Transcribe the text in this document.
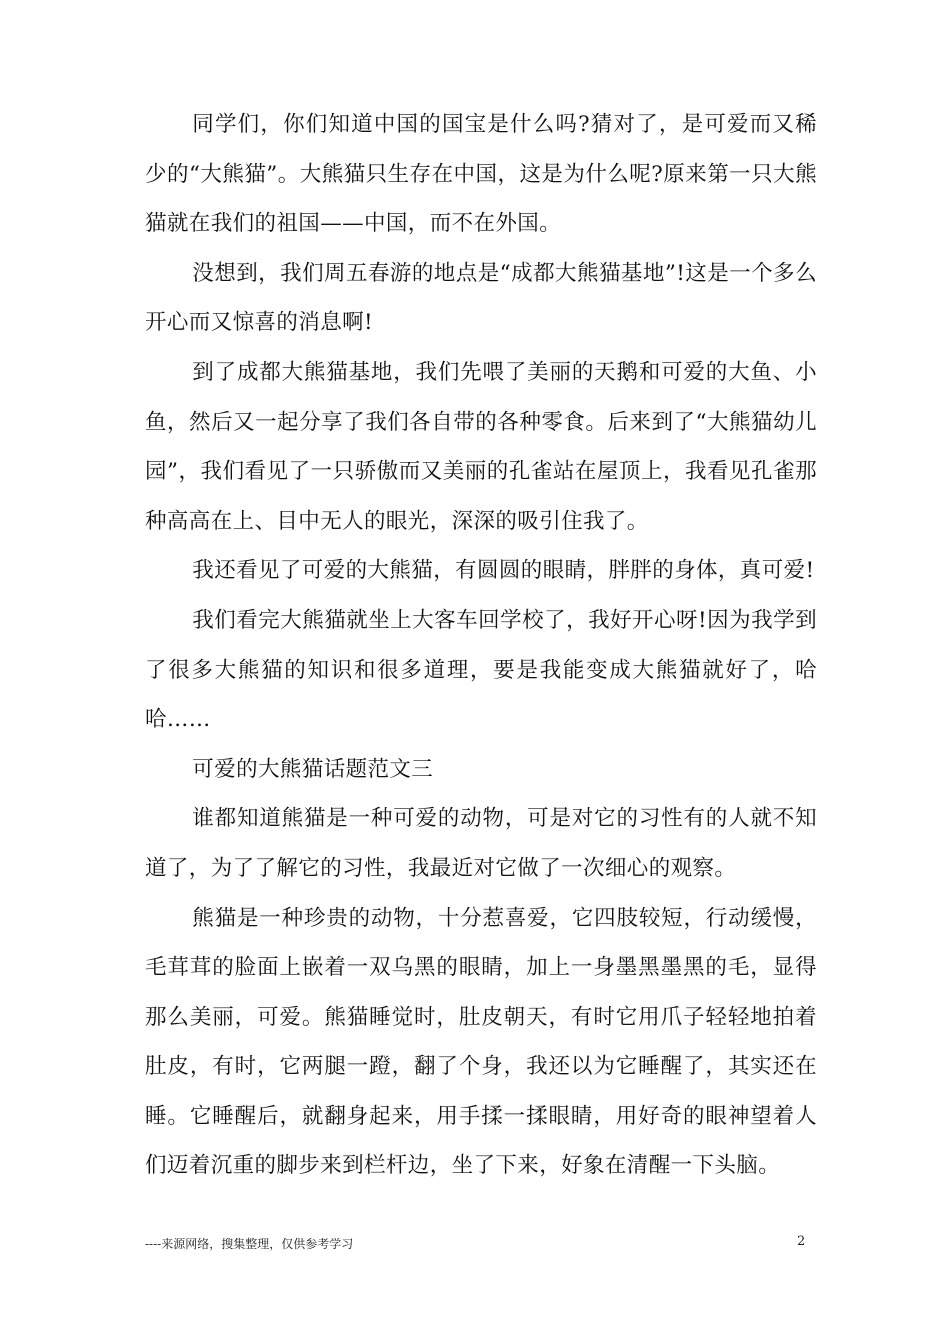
同学们，你们知道中国的国宝是什么吗?猜对了，是可爱而又稀少的“大熊猫”。大熊猫只生存在中国，这是为什么呢?原来第一只大熊猫就在我们的祖国——中国，而不在外国。

没想到，我们周五春游的地点是“成都大熊猫基地”!这是一个多么开心而又惊喜的消息啊!

到了成都大熊猫基地，我们先喂了美丽的天鹅和可爱的大鱼、小鱼，然后又一起分享了我们各自带的各种零食。后来到了“大熊猫幼儿园”，我们看见了一只骄傲而又美丽的孔雀站在屋顶上，我看见孔雀那种高高在上、目中无人的眼光，深深的吸引住我了。

我还看见了可爱的大熊猫，有圆圆的眼睛，胖胖的身体，真可爱!

我们看完大熊猫就坐上大客车回学校了，我好开心呀!因为我学到了很多大熊猫的知识和很多道理，要是我能变成大熊猫就好了，哈哈……

可爱的大熊猫话题范文三

谁都知道熊猫是一种可爱的动物，可是对它的习性有的人就不知道了，为了了解它的习性，我最近对它做了一次细心的观察。

熊猫是一种珍贵的动物，十分惹喜爱，它四肢较短，行动缓慢，毛茸茸的脸面上嵌着一双乌黑的眼睛，加上一身墨黑墨黑的毛，显得那么美丽，可爱。熊猫睡觉时，肚皮朝天，有时它用爪子轻轻地拍着肚皮，有时，它两腿一蹬，翻了个身，我还以为它睡醒了，其实还在睡。它睡醒后，就翻身起来，用手揉一揉眼睛，用好奇的眼神望着人们迈着沉重的脚步来到栏杆边，坐了下来，好象在清醒一下头脑。

----来源网络，搜集整理，仅供参考学习	2
